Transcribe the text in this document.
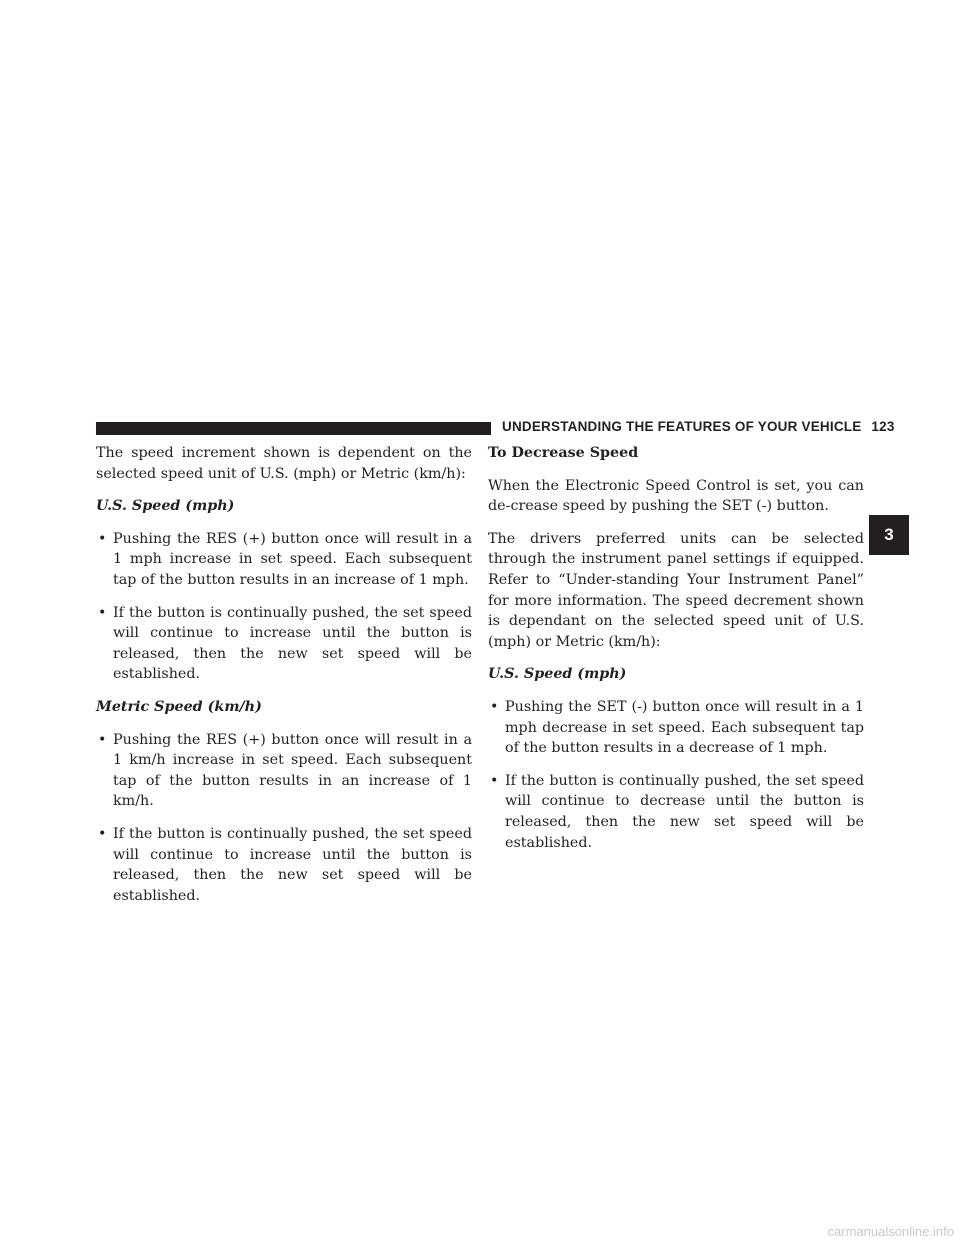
UNDERSTANDING THE FEATURES OF YOUR VEHICLE 123
3

The speed increment shown is dependent on the selected speed unit of U.S. (mph) or Metric (km/h):

U.S. Speed (mph)
• Pushing the RES (+) button once will result in a 1 mph increase in set speed. Each subsequent tap of the button results in an increase of 1 mph.
• If the button is continually pushed, the set speed will continue to increase until the button is released, then the new set speed will be established.
Metric Speed (km/h)
• Pushing the RES (+) button once will result in a 1 km/h increase in set speed. Each subsequent tap of the button results in an increase of 1 km/h.
• If the button is continually pushed, the set speed will continue to increase until the button is released, then the new set speed will be established.
To Decrease Speed

When the Electronic Speed Control is set, you can de-crease speed by pushing the SET (-) button.

The drivers preferred units can be selected through the instrument panel settings if equipped. Refer to “Under-standing Your Instrument Panel” for more information. The speed decrement shown is dependant on the selected speed unit of U.S. (mph) or Metric (km/h):

U.S. Speed (mph)
• Pushing the SET (-) button once will result in a 1 mph decrease in set speed. Each subsequent tap of the button results in a decrease of 1 mph.
• If the button is continually pushed, the set speed will continue to decrease until the button is released, then the new set speed will be established.
carmanualsonline.info
